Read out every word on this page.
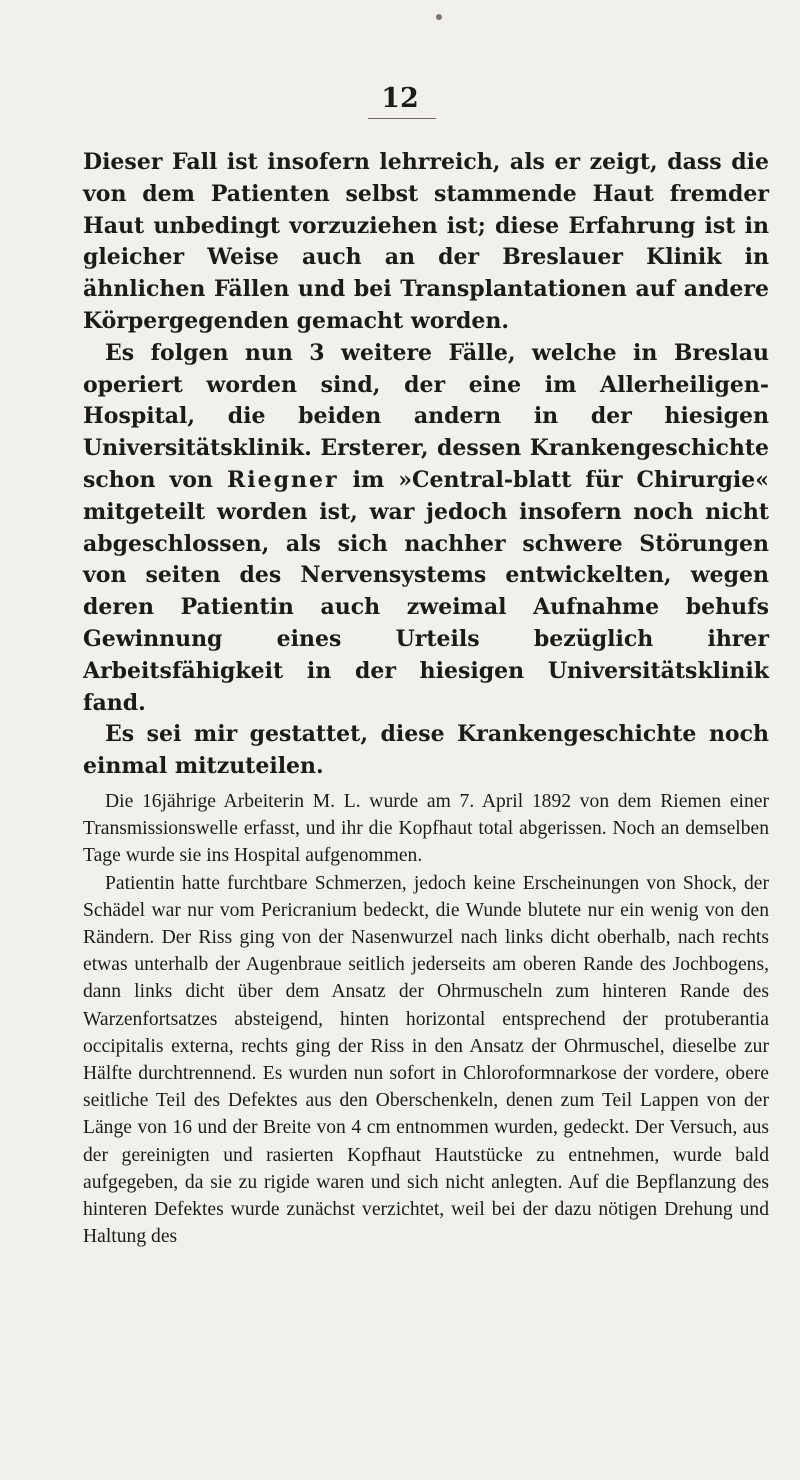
12

Dieser Fall ist insofern lehrreich, als er zeigt, dass die von dem Patienten selbst stammende Haut fremder Haut unbedingt vorzuziehen ist; diese Erfahrung ist in gleicher Weise auch an der Breslauer Klinik in ähnlichen Fällen und bei Transplantationen auf andere Körpergegenden gemacht worden.

Es folgen nun 3 weitere Fälle, welche in Breslau operiert worden sind, der eine im Allerheiligen-Hospital, die beiden andern in der hiesigen Universitätsklinik. Ersterer, dessen Krankengeschichte schon von Riegner im »Central-blatt für Chirurgie« mitgeteilt worden ist, war jedoch insofern noch nicht abgeschlossen, als sich nachher schwere Störungen von seiten des Nervensystems entwickelten, wegen deren Patientin auch zweimal Aufnahme behufs Gewinnung eines Urteils bezüglich ihrer Arbeitsfähigkeit in der hiesigen Universitätsklinik fand.

Es sei mir gestattet, diese Krankengeschichte noch einmal mitzuteilen.

Die 16jährige Arbeiterin M. L. wurde am 7. April 1892 von dem Riemen einer Transmissionswelle erfasst, und ihr die Kopfhaut total abgerissen. Noch an demselben Tage wurde sie ins Hospital aufgenommen.

Patientin hatte furchtbare Schmerzen, jedoch keine Erscheinungen von Shock, der Schädel war nur vom Pericranium bedeckt, die Wunde blutete nur ein wenig von den Rändern. Der Riss ging von der Nasenwurzel nach links dicht oberhalb, nach rechts etwas unterhalb der Augenbraue seitlich jederseits am oberen Rande des Jochbogens, dann links dicht über dem Ansatz der Ohrmuscheln zum hinteren Rande des Warzenfortsatzes absteigend, hinten horizontal entsprechend der protuberantia occipitalis externa, rechts ging der Riss in den Ansatz der Ohrmuschel, dieselbe zur Hälfte durchtrennend. Es wurden nun sofort in Chloroformnarkose der vordere, obere seitliche Teil des Defektes aus den Oberschenkeln, denen zum Teil Lappen von der Länge von 16 und der Breite von 4 cm entnommen wurden, gedeckt. Der Versuch, aus der gereinigten und rasierten Kopfhaut Hautstücke zu entnehmen, wurde bald aufgegeben, da sie zu rigide waren und sich nicht anlegten. Auf die Bepflanzung des hinteren Defektes wurde zunächst verzichtet, weil bei der dazu nötigen Drehung und Haltung des
